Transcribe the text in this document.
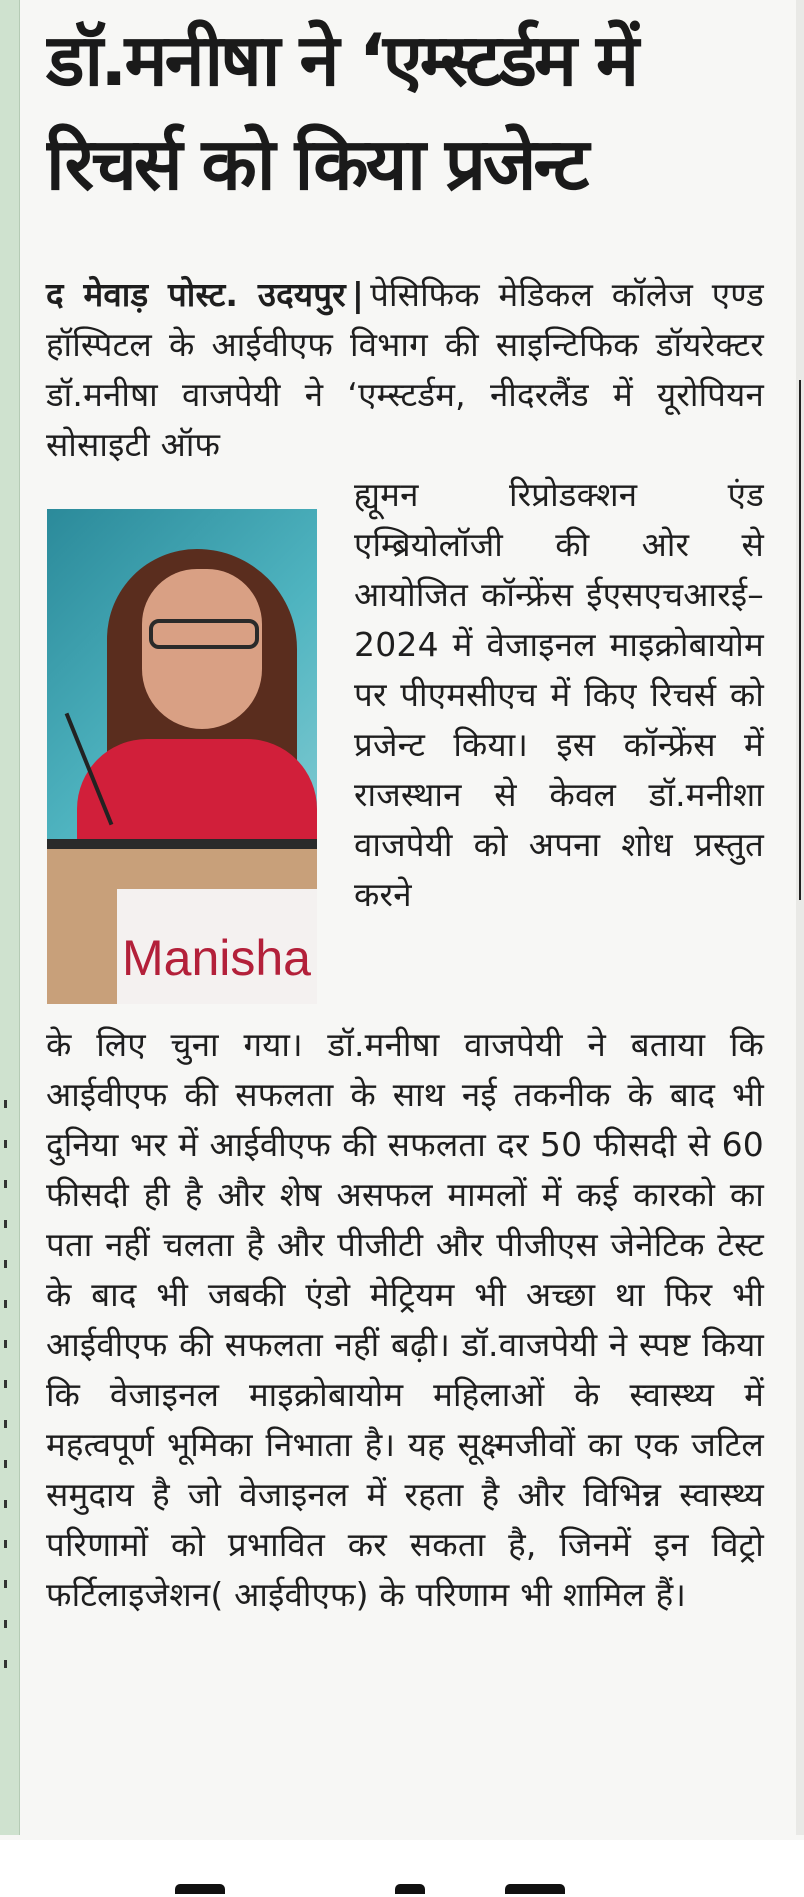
डॉ.मनीषा ने ‘एम्स्टर्डम में रिचर्स को किया प्रजेन्ट
द मेवाड़ पोस्ट. उदयपुर | पेसिफिक मेडिकल कॉलेज एण्ड हॉस्पिटल के आईवीएफ विभाग की साइन्टिफिक डॉयरेक्टर डॉ.मनीषा वाजपेयी ने ‘एम्स्टर्डम, नीदरलैंड में यूरोपियन सोसाइटी ऑफ
ह्यूमन रिप्रोडक्शन एंड एम्ब्रियोलॉजी की ओर से आयोजित कॉन्फ्रेंस ईएसएचआरई–2024 में वेजाइनल माइक्रोबायोम पर पीएमसीएच में किए रिचर्स को प्रजेन्ट किया। इस कॉन्फ्रेंस में राजस्थान से केवल डॉ.मनीशा वाजपेयी को अपना शोध प्रस्तुत करने
के लिए चुना गया। डॉ.मनीषा वाजपेयी ने बताया कि आईवीएफ की सफलता के साथ नई तकनीक के बाद भी दुनिया भर में आईवीएफ की सफलता दर 50 फीसदी से 60 फीसदी ही है और शेष असफल मामलों में कई कारको का पता नहीं चलता है और पीजीटी और पीजीएस जेनेटिक टेस्ट के बाद भी जबकी एंडो मेट्रियम भी अच्छा था फिर भी आईवीएफ की सफलता नहीं बढ़ी। डॉ.वाजपेयी ने स्पष्ट किया कि वेजाइनल माइक्रोबायोम महिलाओं के स्वास्थ्य में महत्वपूर्ण भूमिका निभाता है। यह सूक्ष्मजीवों का एक जटिल समुदाय है जो वेजाइनल में रहता है और विभिन्न स्वास्थ्य परिणामों को प्रभावित कर सकता है, जिनमें इन विट्रो फर्टिलाइजेशन( आईवीएफ) के परिणाम भी शामिल हैं।
Manisha
